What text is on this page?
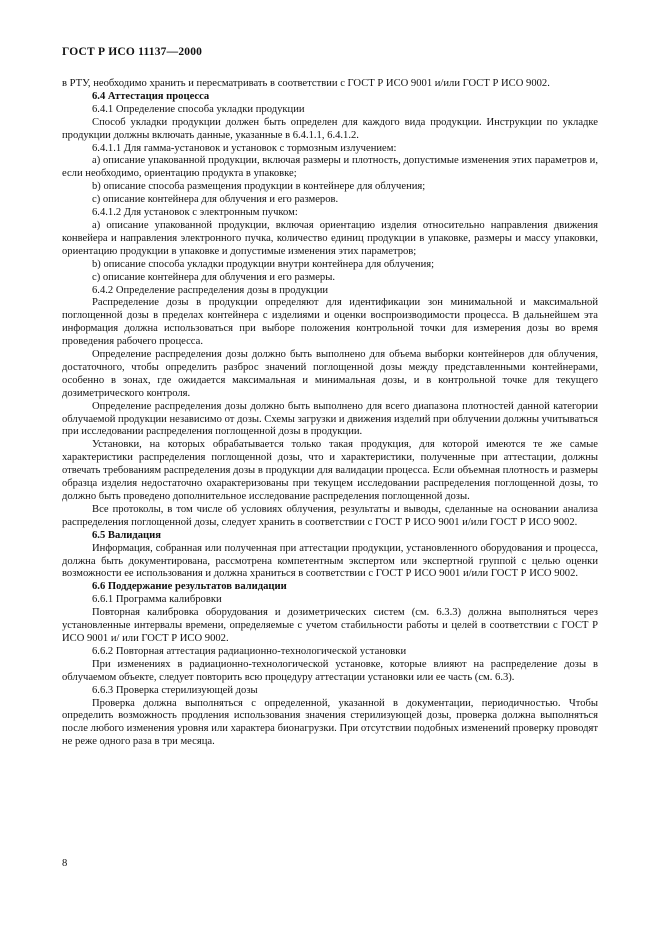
ГОСТ Р ИСО 11137—2000

в РТУ, необходимо хранить и пересматривать в соответствии с ГОСТ Р ИСО 9001 и/или ГОСТ Р ИСО 9002.

6.4 Аттестация процесса

6.4.1 Определение способа укладки продукции

Способ укладки продукции должен быть определен для каждого вида продукции. Инструкции по укладке продукции должны включать данные, указанные в 6.4.1.1, 6.4.1.2.

6.4.1.1 Для гамма-установок и установок с тормозным излучением:

a) описание упакованной продукции, включая размеры и плотность, допустимые изменения этих параметров и, если необходимо, ориентацию продукта в упаковке;

b) описание способа размещения продукции в контейнере для облучения;

c) описание контейнера для облучения и его размеров.

6.4.1.2 Для установок с электронным пучком:

a) описание упакованной продукции, включая ориентацию изделия относительно направления движения конвейера и направления электронного пучка, количество единиц продукции в упаковке, размеры и массу упаковки, ориентацию продукции в упаковке и допустимые изменения этих параметров;

b) описание способа укладки продукции внутри контейнера для облучения;

c) описание контейнера для облучения и его размеры.

6.4.2 Определение распределения дозы в продукции

Распределение дозы в продукции определяют для идентификации зон минимальной и максимальной поглощенной дозы в пределах контейнера с изделиями и оценки воспроизводимости процесса. В дальнейшем эта информация должна использоваться при выборе положения контрольной точки для измерения дозы во время проведения рабочего процесса.

Определение распределения дозы должно быть выполнено для объема выборки контейнеров для облучения, достаточного, чтобы определить разброс значений поглощенной дозы между представленными контейнерами, особенно в зонах, где ожидается максимальная и минимальная дозы, и в контрольной точке для текущего дозиметрического контроля.

Определение распределения дозы должно быть выполнено для всего диапазона плотностей данной категории облучаемой продукции независимо от дозы. Схемы загрузки и движения изделий при облучении должны учитываться при исследовании распределения поглощенной дозы в продукции.

Установки, на которых обрабатывается только такая продукция, для которой имеются те же самые характеристики распределения поглощенной дозы, что и характеристики, полученные при аттестации, должны отвечать требованиям распределения дозы в продукции для валидации процесса. Если объемная плотность и размеры образца изделия недостаточно охарактеризованы при текущем исследовании распределения поглощенной дозы, то должно быть проведено дополнительное исследование распределения поглощенной дозы.

Все протоколы, в том числе об условиях облучения, результаты и выводы, сделанные на основании анализа распределения поглощенной дозы, следует хранить в соответствии с ГОСТ Р ИСО 9001 и/или ГОСТ Р ИСО 9002.

6.5 Валидация

Информация, собранная или полученная при аттестации продукции, установленного оборудования и процесса, должна быть документирована, рассмотрена компетентным экспертом или экспертной группой с целью оценки возможности ее использования и должна храниться в соответствии с ГОСТ Р ИСО 9001 и/или ГОСТ Р ИСО 9002.

6.6 Поддержание результатов валидации

6.6.1 Программа калибровки

Повторная калибровка оборудования и дозиметрических систем (см. 6.3.3) должна выполняться через установленные интервалы времени, определяемые с учетом стабильности работы и целей в соответствии с ГОСТ Р ИСО 9001 и/ или ГОСТ Р ИСО 9002.

6.6.2 Повторная аттестация радиационно-технологической установки

При изменениях в радиационно-технологической установке, которые влияют на распределение дозы в облучаемом объекте, следует повторить всю процедуру аттестации установки или ее часть (см. 6.3).

6.6.3 Проверка стерилизующей дозы

Проверка должна выполняться с определенной, указанной в документации, периодичностью. Чтобы определить возможность продления использования значения стерилизующей дозы, проверка должна выполняться после любого изменения уровня или характера бионагрузки. При отсутствии подобных изменений проверку проводят не реже одного раза в три месяца.

8
